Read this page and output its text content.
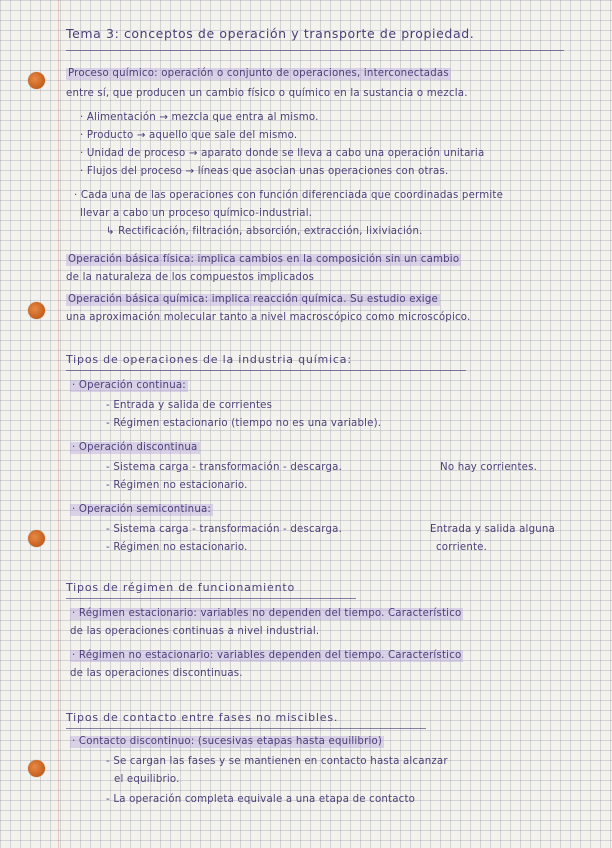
Tema 3: conceptos de operación y transporte de propiedad.
Proceso químico: operación o conjunto de operaciones, interconectadas
entre sí, que producen un cambio físico o químico en la sustancia o mezcla.
· Alimentación → mezcla que entra al mismo.
· Producto → aquello que sale del mismo.
· Unidad de proceso → aparato donde se lleva a cabo una operación unitaria
· Flujos del proceso → líneas que asocian unas operaciones con otras.
· Cada una de las operaciones con función diferenciada que coordinadas permite
llevar a cabo un proceso químico-industrial.
↳ Rectificación, filtración, absorción, extracción, lixiviación.
Operación básica física: implica cambios en la composición sin un cambio
de la naturaleza de los compuestos implicados
Operación básica química: implica reacción química. Su estudio exige
una aproximación molecular tanto a nivel macroscópico como microscópico.
Tipos de operaciones de la industria química:
· Operación continua:
- Entrada y salida de corrientes
- Régimen estacionario (tiempo no es una variable).
· Operación discontinua
- Sistema carga - transformación - descarga.	No hay corrientes.
- Régimen no estacionario.
· Operación semicontinua:
- Sistema carga - transformación - descarga.	Entrada y salida alguna
- Régimen no estacionario.	corriente.
Tipos de régimen de funcionamiento
· Régimen estacionario: variables no dependen del tiempo. Característico
de las operaciones continuas a nivel industrial.
· Régimen no estacionario: variables dependen del tiempo. Característico
de las operaciones discontinuas.
Tipos de contacto entre fases no miscibles.
· Contacto discontinuo: (sucesivas etapas hasta equilibrio)
- Se cargan las fases y se mantienen en contacto hasta alcanzar
el equilibrio.
- La operación completa equivale a una etapa de contacto
